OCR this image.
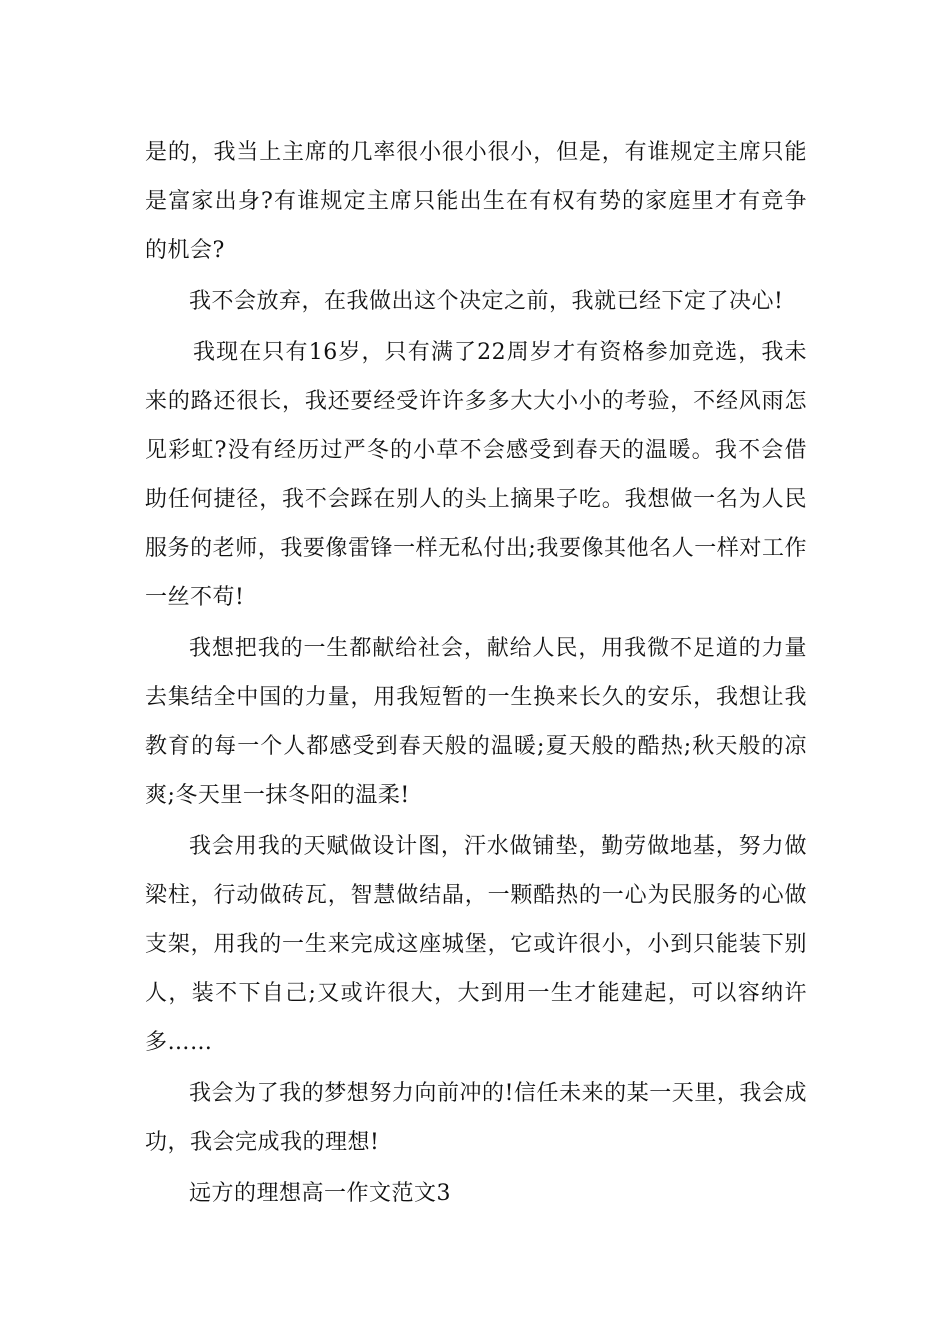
是的，我当上主席的几率很小很小很小，但是，有谁规定主席只能是富家出身?有谁规定主席只能出生在有权有势的家庭里才有竞争的机会?

我不会放弃，在我做出这个决定之前，我就已经下定了决心!

我现在只有16岁，只有满了22周岁才有资格参加竞选，我未来的路还很长，我还要经受许许多多大大小小的考验，不经风雨怎见彩虹?没有经历过严冬的小草不会感受到春天的温暖。我不会借助任何捷径，我不会踩在别人的头上摘果子吃。我想做一名为人民服务的老师，我要像雷锋一样无私付出;我要像其他名人一样对工作一丝不苟!

我想把我的一生都献给社会，献给人民，用我微不足道的力量去集结全中国的力量，用我短暂的一生换来长久的安乐，我想让我教育的每一个人都感受到春天般的温暖;夏天般的酷热;秋天般的凉爽;冬天里一抹冬阳的温柔!

我会用我的天赋做设计图，汗水做铺垫，勤劳做地基，努力做梁柱，行动做砖瓦，智慧做结晶，一颗酷热的一心为民服务的心做支架，用我的一生来完成这座城堡，它或许很小，小到只能装下别人，装不下自己;又或许很大，大到用一生才能建起，可以容纳许多……

我会为了我的梦想努力向前冲的!信任未来的某一天里，我会成功，我会完成我的理想!

远方的理想高一作文范文3
